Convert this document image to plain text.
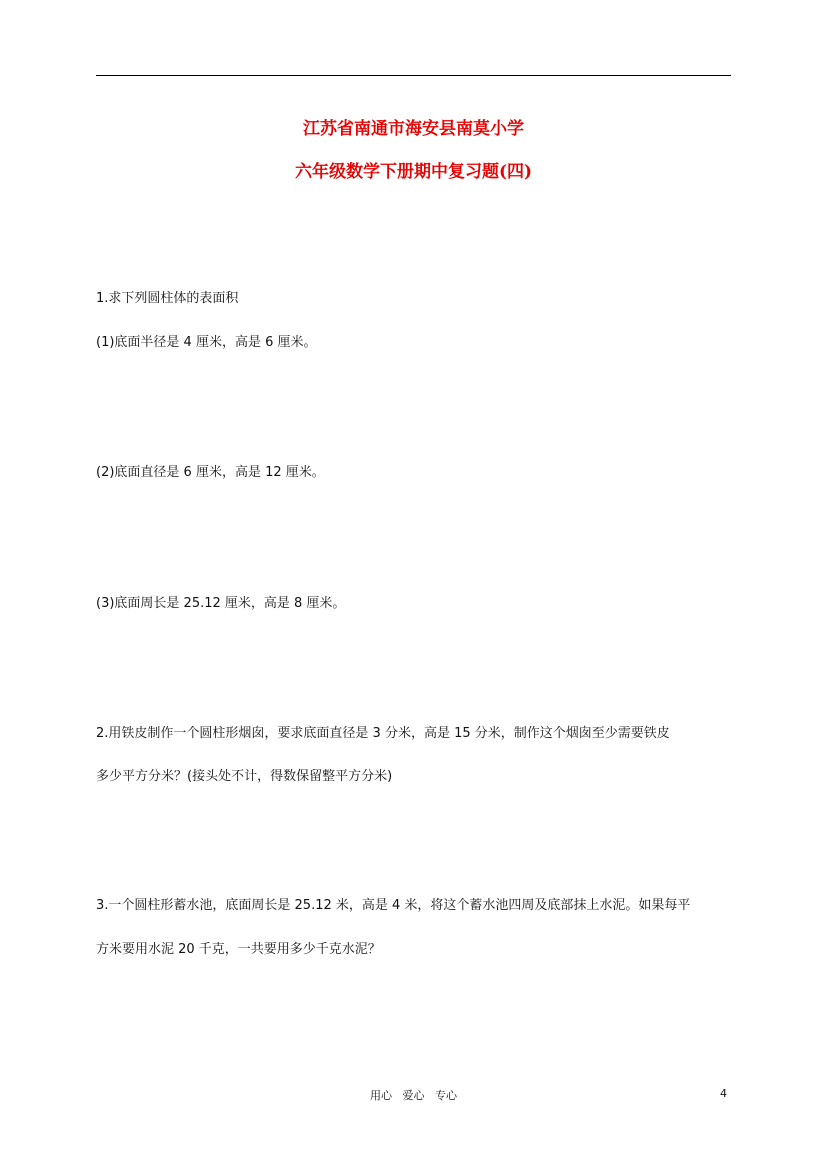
江苏省南通市海安县南莫小学
六年级数学下册期中复习题(四)
1.求下列圆柱体的表面积
(1)底面半径是 4 厘米，高是 6 厘米。
(2)底面直径是 6 厘米，高是 12 厘米。
(3)底面周长是 25.12 厘米，高是 8 厘米。
2.用铁皮制作一个圆柱形烟囱，要求底面直径是 3 分米，高是 15 分米，制作这个烟囱至少需要铁皮
多少平方分米？(接头处不计，得数保留整平方分米)
3.一个圆柱形蓄水池，底面周长是 25.12 米，高是 4 米，将这个蓄水池四周及底部抹上水泥。如果每平
方米要用水泥 20 千克，一共要用多少千克水泥？
用心   爱心   专心	4
